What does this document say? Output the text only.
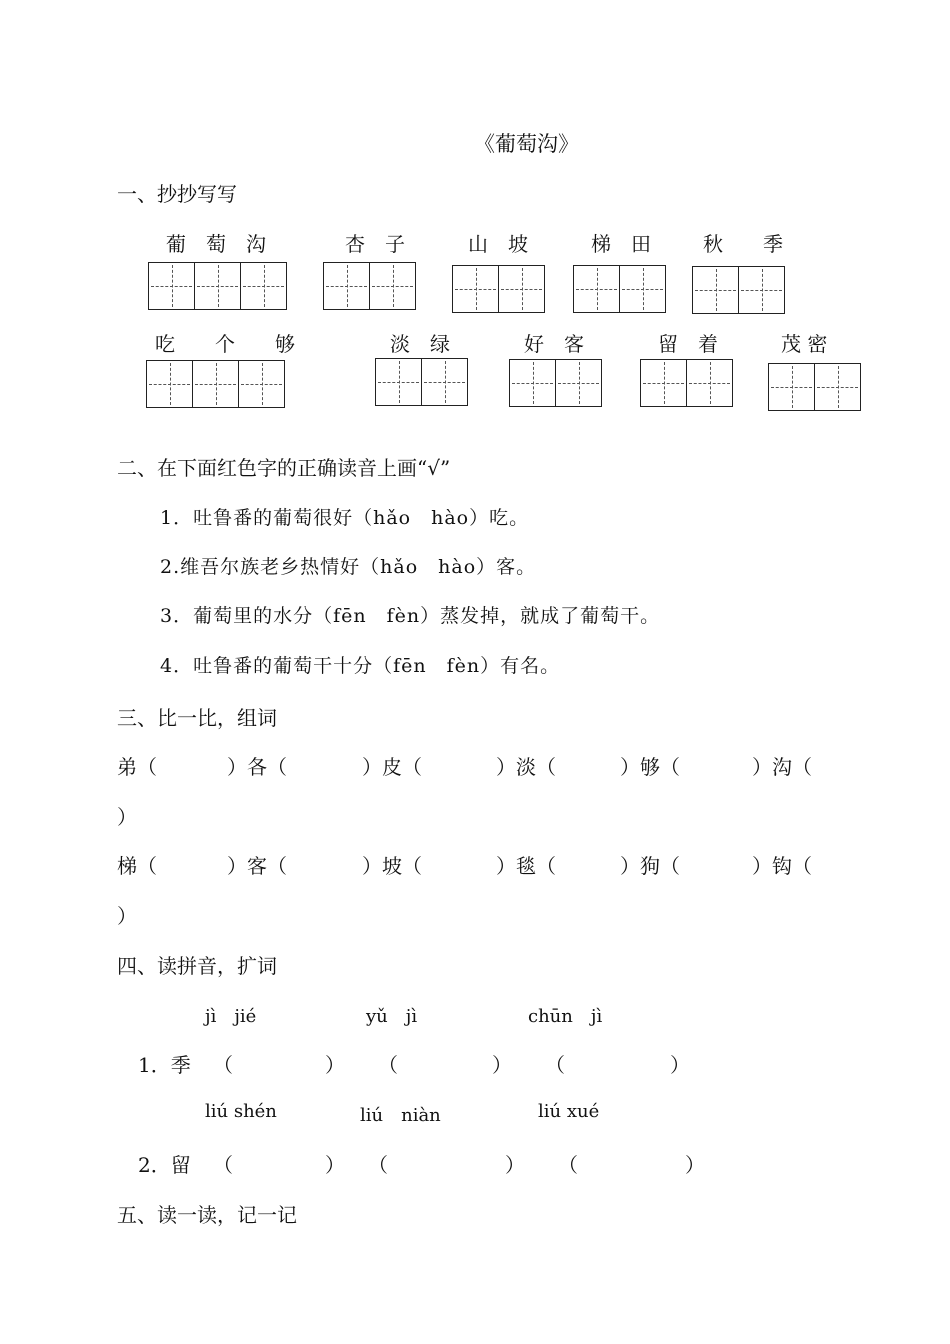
《葡萄沟》
一、抄抄写写
葡　萄　沟	杏　子	山　坡	梯　田	秋　　季
吃　　个　　够	淡　绿	好　客	留　着	茂 密
二、在下面红色字的正确读音上画“√”
1．吐鲁番的葡萄很好（hǎo　hào）吃。
2.维吾尔族老乡热情好（hǎo　hào）客。
3．葡萄里的水分（fēn　fèn）蒸发掉，就成了葡萄干。
4．吐鲁番的葡萄干十分（fēn　fèn）有名。
三、比一比，组词
弟（	）各（	）皮（	）淡（	）够（	）沟（
）
梯（	）客（	）坡（	）毯（	）狗（	）钩（
）
四、读拼音，扩词
jì　jié	yǔ　jì	chūn　jì
1．季 （	） （	） （	）
liú shén	liú　niàn	liú xué
2．留 （	） （	） （	）
五、读一读，记一记
